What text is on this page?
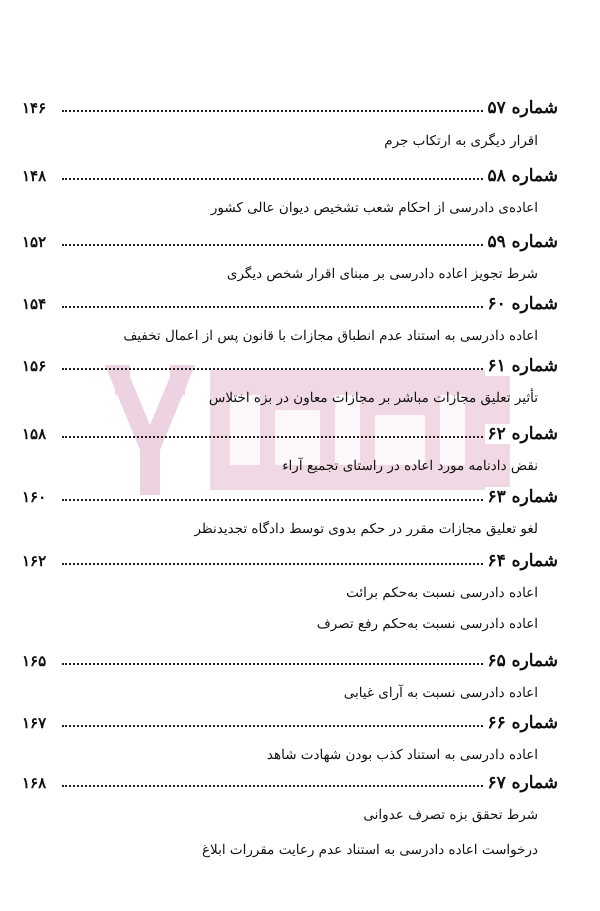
شماره ۵۷
۱۴۶
اقرار دیگری به ارتکاب جرم
شماره ۵۸
۱۴۸
اعاده‌ی دادرسی از احکام شعب تشخیص دیوان عالی کشور
شماره ۵۹
۱۵۲
شرط تجویز اعاده دادرسی بر مبنای اقرار شخص دیگری
شماره ۶۰
۱۵۴
اعاده دادرسی به استناد عدم انطباق مجازات با قانون پس از اعمال تخفیف
شماره ۶۱
۱۵۶
تأثیر تعلیق مجازات مباشر بر مجازات معاون در بزه اختلاس
شماره ۶۲
۱۵۸
نقض دادنامه مورد اعاده در راستای تجمیع آراء
شماره ۶۳
۱۶۰
لغو تعلیق مجازات مقرر در حکم بدوی توسط دادگاه تجدیدنظر
شماره ۶۴
۱۶۲
اعاده دادرسی نسبت به‌حکم برائت
اعاده دادرسی نسبت به‌حکم رفع تصرف
شماره ۶۵
۱۶۵
اعاده دادرسی نسبت به آرای غیابی
شماره ۶۶
۱۶۷
اعاده دادرسی به استناد کذب بودن شهادت شاهد
شماره ۶۷
۱۶۸
شرط تحقق بزه تصرف عدوانی
درخواست اعاده دادرسی به استناد عدم رعایت مقررات ابلاغ
